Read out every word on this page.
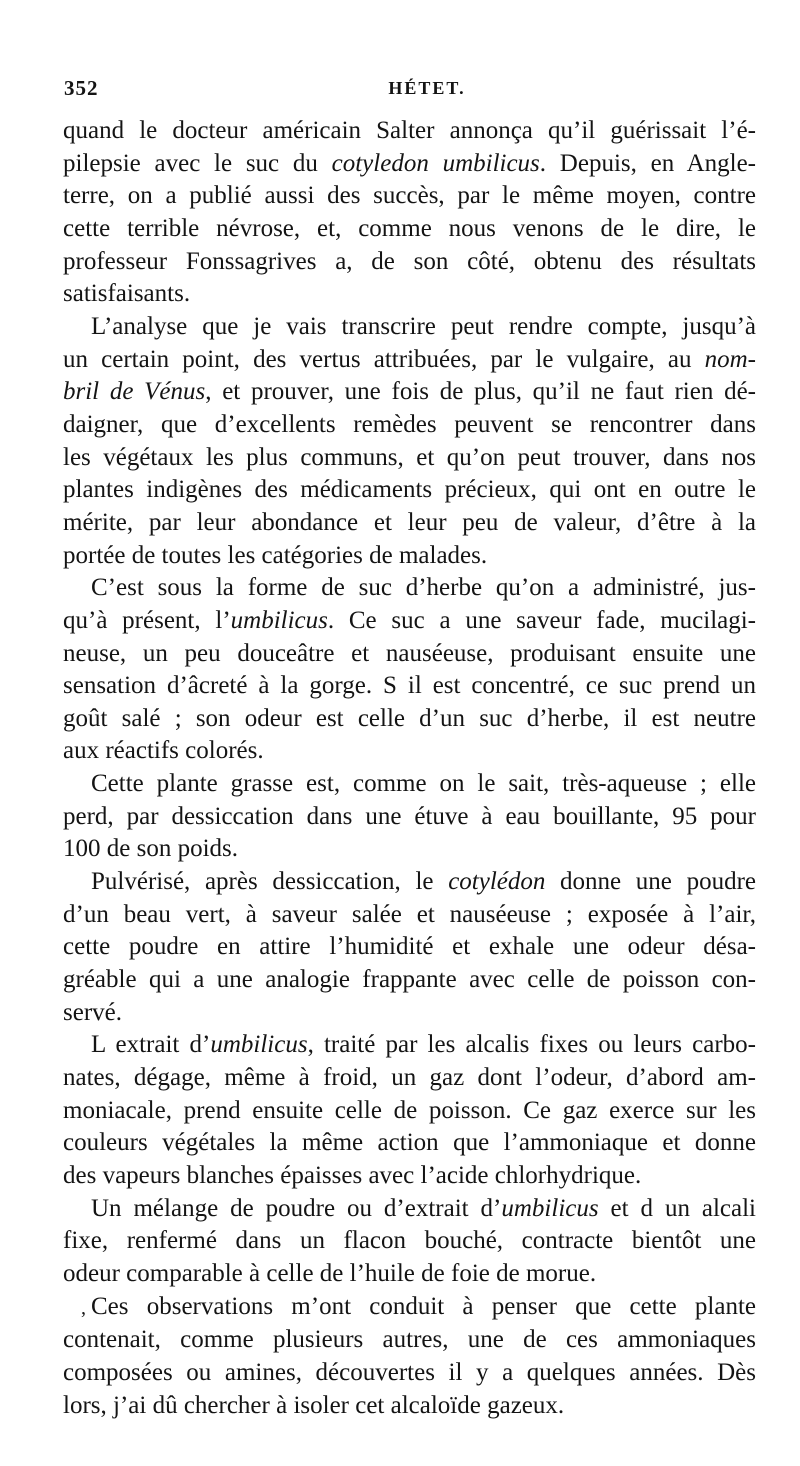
352	HÉTET.
quand le docteur américain Salter annonça qu’il guérissait l’é-
pilepsie avec le suc du cotyledon umbilicus. Depuis, en Angle-
terre, on a publié aussi des succès, par le même moyen, contre
cette terrible névrose, et, comme nous venons de le dire, le
professeur Fonssagrives a, de son côté, obtenu des résultats
satisfaisants.
L’analyse que je vais transcrire peut rendre compte, jusqu’à
un certain point, des vertus attribuées, par le vulgaire, au nom-
bril de Vénus, et prouver, une fois de plus, qu’il ne faut rien dé-
daigner, que d’excellents remèdes peuvent se rencontrer dans
les végétaux les plus communs, et qu’on peut trouver, dans nos
plantes indigènes des médicaments précieux, qui ont en outre le
mérite, par leur abondance et leur peu de valeur, d’être à la
portée de toutes les catégories de malades.
C’est sous la forme de suc d’herbe qu’on a administré, jus-
qu’à présent, l’umbilicus. Ce suc a une saveur fade, mucilagi-
neuse, un peu douceâtre et nauséeuse, produisant ensuite une
sensation d’âcreté à la gorge. S il est concentré, ce suc prend un
goût salé ; son odeur est celle d’un suc d’herbe, il est neutre
aux réactifs colorés.
Cette plante grasse est, comme on le sait, très-aqueuse ; elle
perd, par dessiccation dans une étuve à eau bouillante, 95 pour
100 de son poids.
Pulvérisé, après dessiccation, le cotylédon donne une poudre
d’un beau vert, à saveur salée et nauséeuse ; exposée à l’air,
cette poudre en attire l’humidité et exhale une odeur désa-
gréable qui a une analogie frappante avec celle de poisson con-
servé.
L extrait d’umbilicus, traité par les alcalis fixes ou leurs carbo-
nates, dégage, même à froid, un gaz dont l’odeur, d’abord am-
moniacale, prend ensuite celle de poisson. Ce gaz exerce sur les
couleurs végétales la même action que l’ammoniaque et donne
des vapeurs blanches épaisses avec l’acide chlorhydrique.
Un mélange de poudre ou d’extrait d’umbilicus et d un alcali
fixe, renfermé dans un flacon bouché, contracte bientôt une
odeur comparable à celle de l’huile de foie de morue.
, Ces observations m’ont conduit à penser que cette plante
contenait, comme plusieurs autres, une de ces ammoniaques
composées ou amines, découvertes il y a quelques années. Dès
lors, j’ai dû chercher à isoler cet alcaloïde gazeux.
